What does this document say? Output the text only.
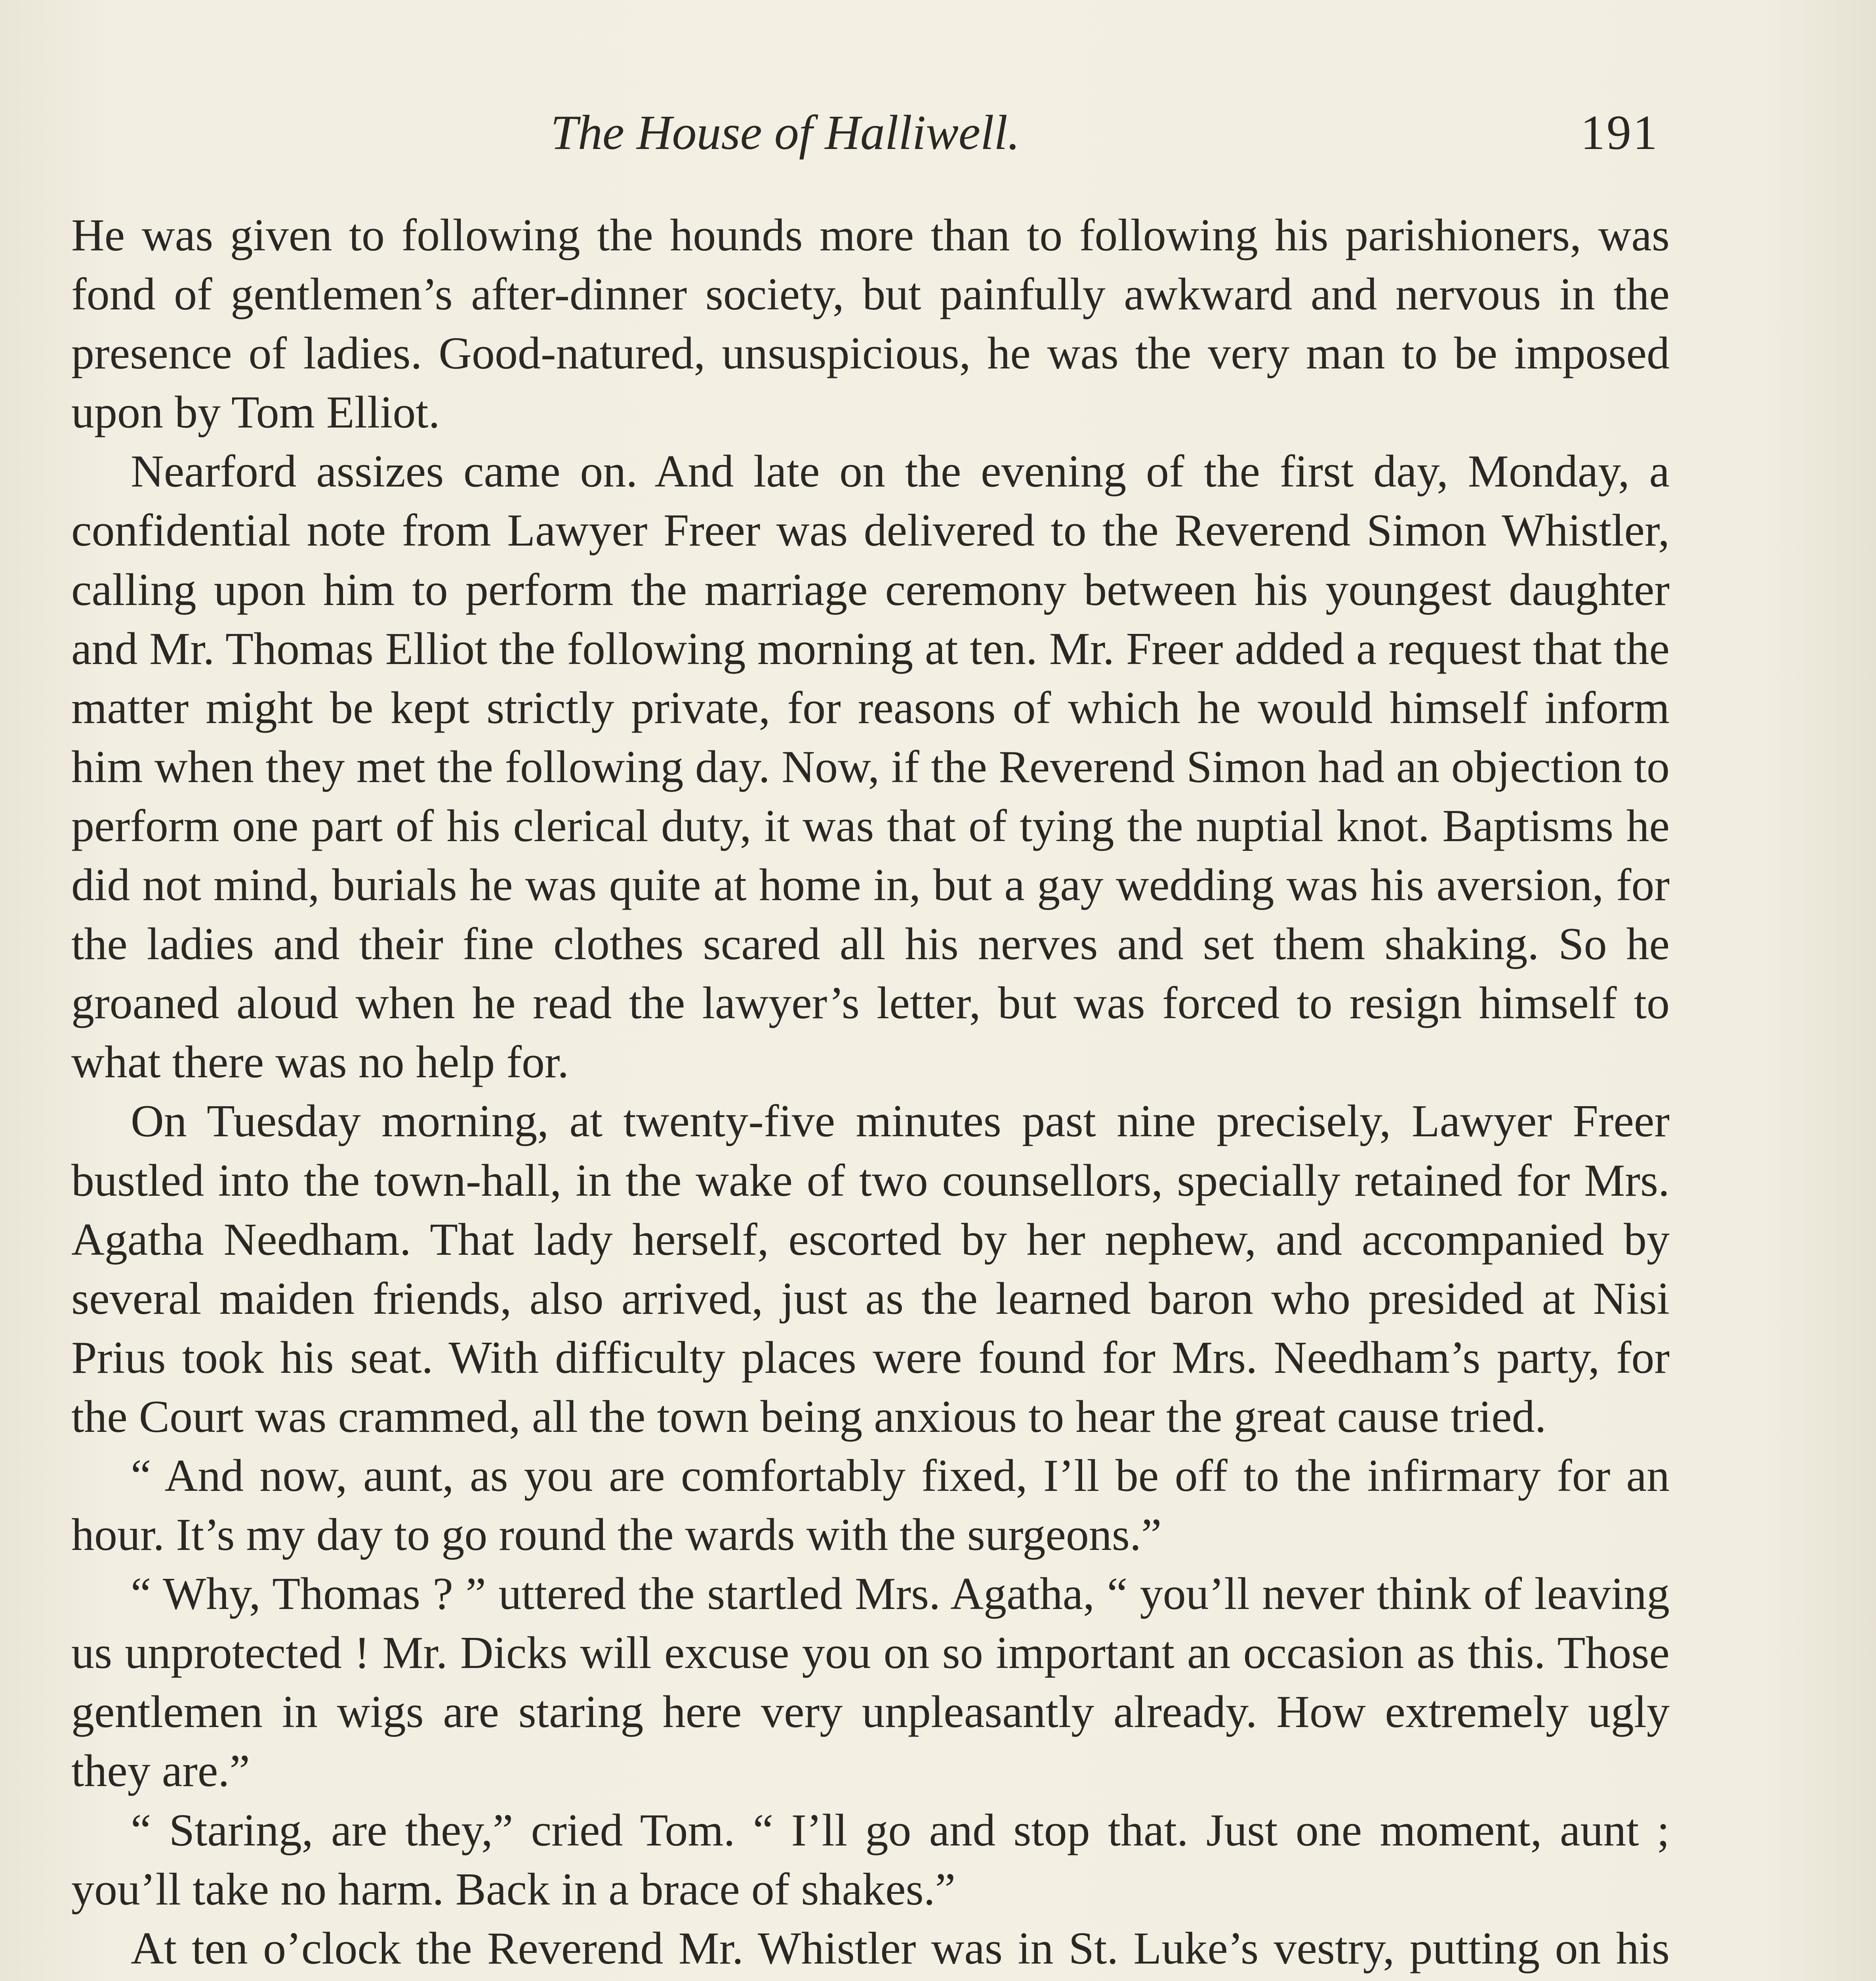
The House of Halliwell.	191

He was given to following the hounds more than to following his parishioners, was fond of gentlemen’s after-dinner society, but painfully awkward and nervous in the presence of ladies. Good-natured, unsuspicious, he was the very man to be imposed upon by Tom Elliot.

Nearford assizes came on. And late on the evening of the first day, Monday, a confidential note from Lawyer Freer was delivered to the Reverend Simon Whistler, calling upon him to perform the marriage ceremony between his youngest daughter and Mr. Thomas Elliot the following morning at ten. Mr. Freer added a request that the matter might be kept strictly private, for reasons of which he would himself inform him when they met the following day. Now, if the Reverend Simon had an objection to perform one part of his clerical duty, it was that of tying the nuptial knot. Baptisms he did not mind, burials he was quite at home in, but a gay wedding was his aversion, for the ladies and their fine clothes scared all his nerves and set them shaking. So he groaned aloud when he read the lawyer’s letter, but was forced to resign himself to what there was no help for.

On Tuesday morning, at twenty-five minutes past nine precisely, Lawyer Freer bustled into the town-hall, in the wake of two counsellors, specially retained for Mrs. Agatha Needham. That lady herself, escorted by her nephew, and accompanied by several maiden friends, also arrived, just as the learned baron who presided at Nisi Prius took his seat. With difficulty places were found for Mrs. Needham’s party, for the Court was crammed, all the town being anxious to hear the great cause tried.

“ And now, aunt, as you are comfortably fixed, I’ll be off to the infirmary for an hour. It’s my day to go round the wards with the surgeons.”

“ Why, Thomas ? ” uttered the startled Mrs. Agatha, “ you’ll never think of leaving us unprotected ! Mr. Dicks will excuse you on so important an occasion as this. Those gentlemen in wigs are staring here very unpleasantly already. How extremely ugly they are.”

“ Staring, are they,” cried Tom. “ I’ll go and stop that. Just one moment, aunt ; you’ll take no harm. Back in a brace of shakes.”

At ten o’clock the Reverend Mr. Whistler was in St. Luke’s vestry, putting on his
